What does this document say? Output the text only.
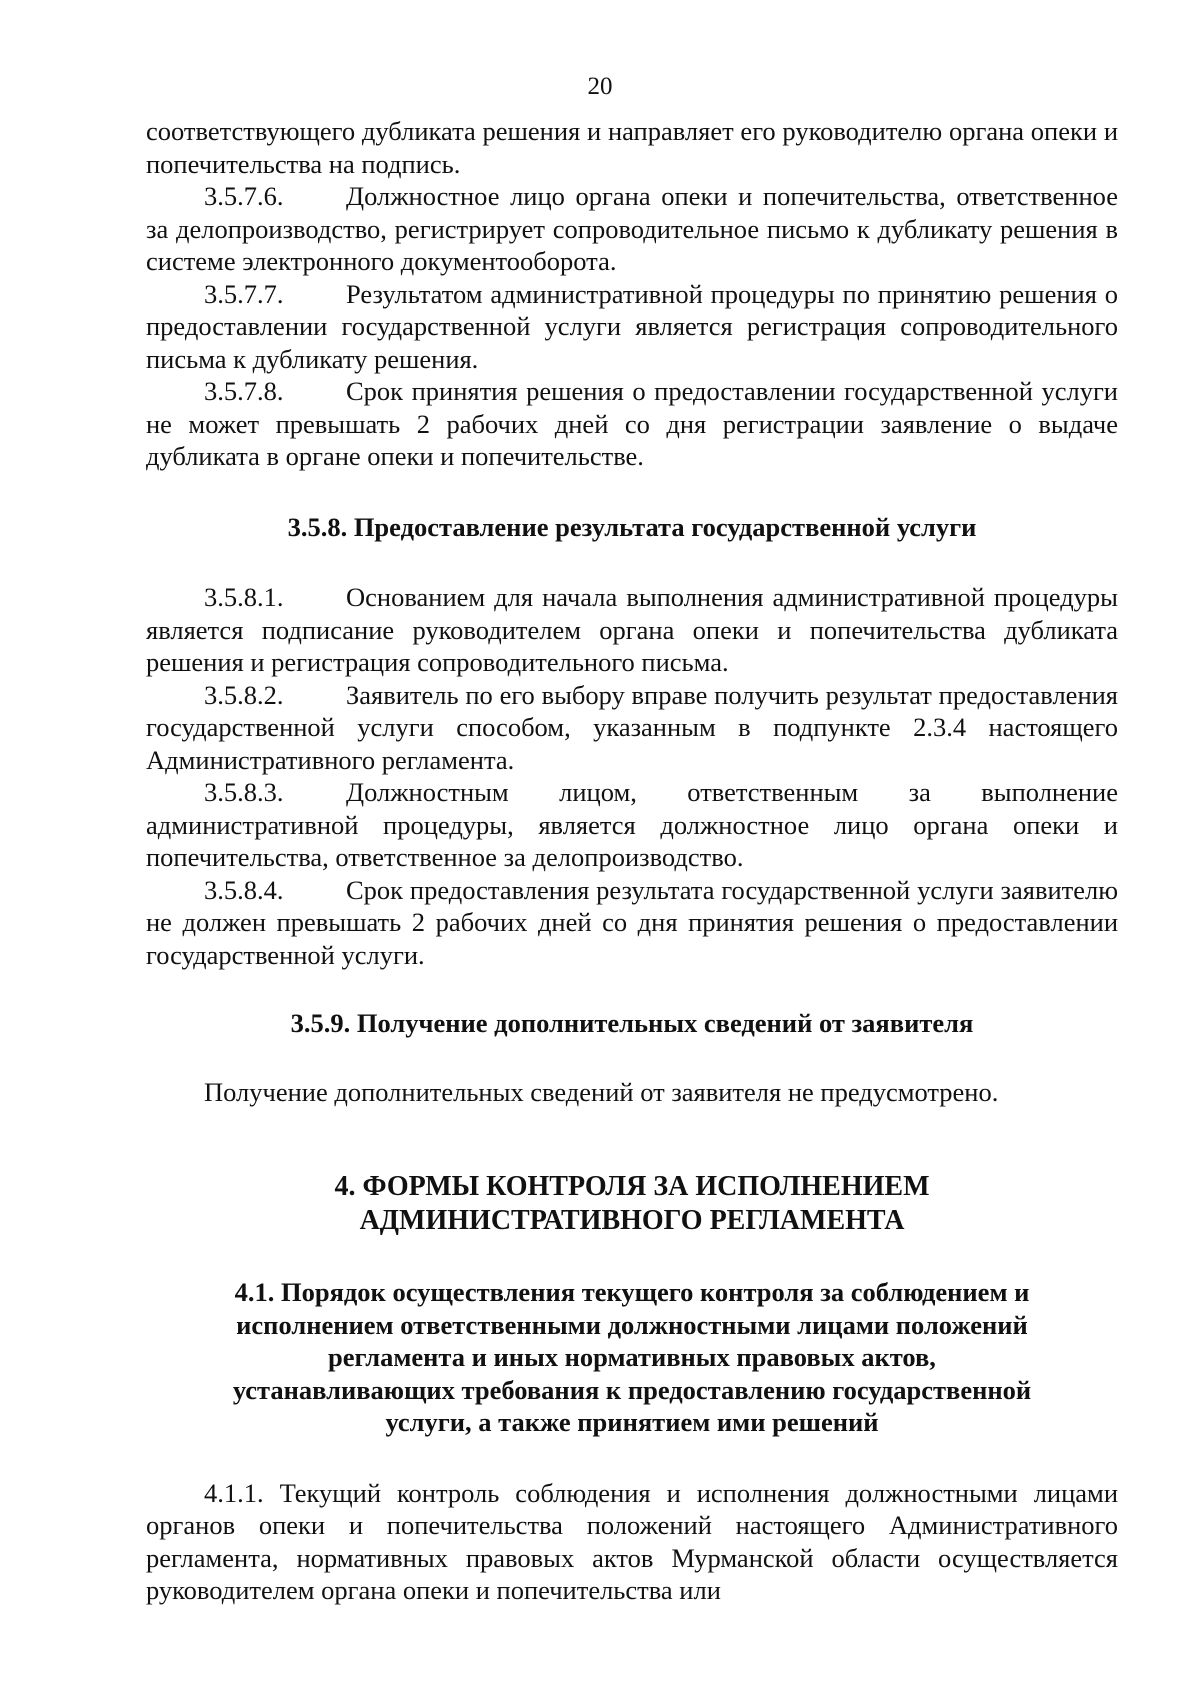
20

соответствующего дубликата решения и направляет его руководителю органа опеки и попечительства на подпись.

3.5.7.6. Должностное лицо органа опеки и попечительства, ответственное за делопроизводство, регистрирует сопроводительное письмо к дубликату решения в системе электронного документооборота.

3.5.7.7. Результатом административной процедуры по принятию решения о предоставлении государственной услуги является регистрация сопроводительного письма к дубликату решения.

3.5.7.8. Срок принятия решения о предоставлении государственной услуги не может превышать 2 рабочих дней со дня регистрации заявление о выдаче дубликата в органе опеки и попечительстве.

3.5.8. Предоставление результата государственной услуги

3.5.8.1. Основанием для начала выполнения административной процедуры является подписание руководителем органа опеки и попечительства дубликата решения и регистрация сопроводительного письма.

3.5.8.2. Заявитель по его выбору вправе получить результат предоставления государственной услуги способом, указанным в подпункте 2.3.4 настоящего Административного регламента.

3.5.8.3. Должностным лицом, ответственным за выполнение административной процедуры, является должностное лицо органа опеки и попечительства, ответственное за делопроизводство.

3.5.8.4. Срок предоставления результата государственной услуги заявителю не должен превышать 2 рабочих дней со дня принятия решения о предоставлении государственной услуги.

3.5.9. Получение дополнительных сведений от заявителя

Получение дополнительных сведений от заявителя не предусмотрено.

4. ФОРМЫ КОНТРОЛЯ ЗА ИСПОЛНЕНИЕМ
АДМИНИСТРАТИВНОГО РЕГЛАМЕНТА
4.1. Порядок осуществления текущего контроля за соблюдением и
исполнением ответственными должностными лицами положений
регламента и иных нормативных правовых актов,
устанавливающих требования к предоставлению государственной
услуги, а также принятием ими решений

4.1.1. Текущий контроль соблюдения и исполнения должностными лицами органов опеки и попечительства положений настоящего Административного регламента, нормативных правовых актов Мурманской области осуществляется руководителем органа опеки и попечительства или
